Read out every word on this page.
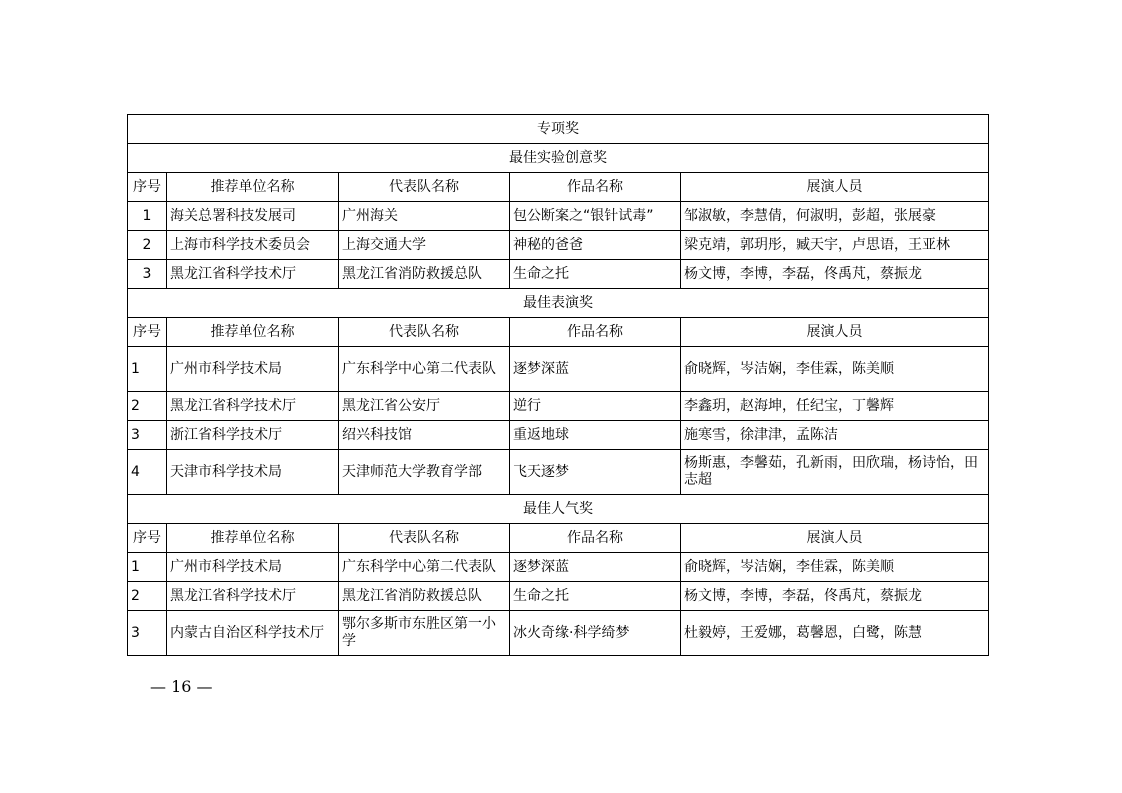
专项奖				
最佳实验创意奖				
序号	推荐单位名称	代表队名称	作品名称	展演人员
1	海关总署科技发展司	广州海关	包公断案之“银针试毒”	邹淑敏，李慧倩，何淑明，彭超，张展豪
2	上海市科学技术委员会	上海交通大学	神秘的爸爸	梁克靖，郭玥彤，臧天宇，卢思语，王亚林
3	黑龙江省科学技术厅	黑龙江省消防救援总队	生命之托	杨文博，李博，李磊，佟禹芃，蔡振龙
最佳表演奖				
序号	推荐单位名称	代表队名称	作品名称	展演人员
1	广州市科学技术局	广东科学中心第二代表队	逐梦深蓝	俞晓辉，岑洁娴，李佳霖，陈美顺
2	黑龙江省科学技术厅	黑龙江省公安厅	逆行	李鑫玥，赵海坤，任纪宝，丁馨辉
3	浙江省科学技术厅	绍兴科技馆	重返地球	施寒雪，徐津津，孟陈洁
4	天津市科学技术局	天津师范大学教育学部	飞天逐梦	杨斯惠，李馨茹，孔新雨，田欣瑞，杨诗怡，田志超
最佳人气奖				
序号	推荐单位名称	代表队名称	作品名称	展演人员
1	广州市科学技术局	广东科学中心第二代表队	逐梦深蓝	俞晓辉，岑洁娴，李佳霖，陈美顺
2	黑龙江省科学技术厅	黑龙江省消防救援总队	生命之托	杨文博，李博，李磊，佟禹芃，蔡振龙
3	内蒙古自治区科学技术厅	鄂尔多斯市东胜区第一小学	冰火奇缘·科学绮梦	杜毅婷，王爱娜，葛馨恩，白鹭，陈慧
— 16 —
